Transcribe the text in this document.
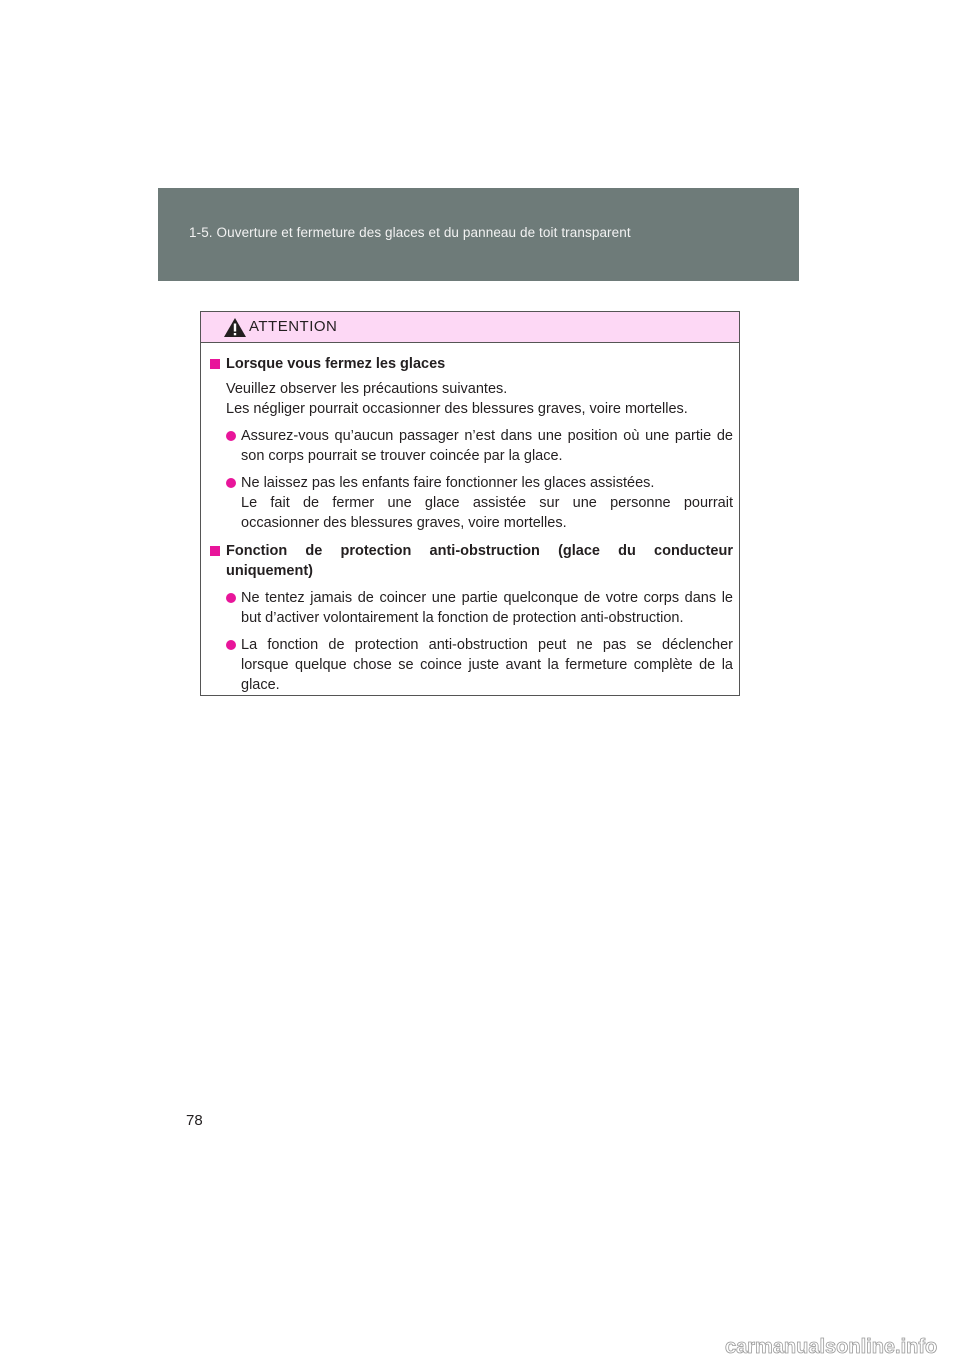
1-5. Ouverture et fermeture des glaces et du panneau de toit transparent
ATTENTION
Lorsque vous fermez les glaces
Veuillez observer les précautions suivantes.
Les négliger pourrait occasionner des blessures graves, voire mortelles.
Assurez-vous qu’aucun passager n’est dans une position où une partie de
son corps pourrait se trouver coincée par la glace.
Ne laissez pas les enfants faire fonctionner les glaces assistées.
Le fait de fermer une glace assistée sur une personne pourrait
occasionner des blessures graves, voire mortelles.
Fonction de protection anti-obstruction (glace du conducteur
uniquement)
Ne tentez jamais de coincer une partie quelconque de votre corps dans le
but d’activer volontairement la fonction de protection anti-obstruction.
La fonction de protection anti-obstruction peut ne pas se déclencher
lorsque quelque chose se coince juste avant la fermeture complète de la
glace.
78
carmanualsonline.info
